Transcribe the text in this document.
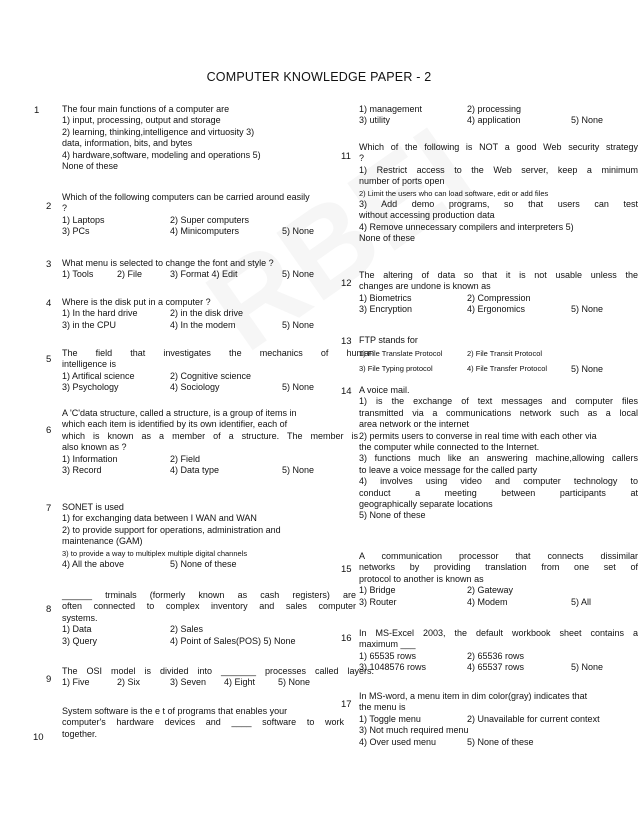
COMPUTER KNOWLEDGE PAPER - 2
1	The four main functions of a computer are
1) input, processing, output and storage
2) learning, thinking,intelligence and virtuosity 3)
data, information, bits, and bytes
4) hardware,software, modeling and operations 5)
None of these
2
Which of the following computers can be carried around easily
?
1) Laptops	2) Super computers
3) PCs	4) Minicomputers	5) None
3 What menu is selected to change the font and style ?
1) Tools	2) File	3) Format 4) Edit	5) None
4 Where is the disk put in a computer ?
1) In the hard drive	2) in the disk drive
3) in the CPU	4) In the modem	5) None
5
The field that investigates the mechanics of human
intelligence is
1) Artifical science	2) Cognitive science
3) Psychology	4) Sociology	5) None
6
A 'C'data structure, called a structure, is a group of items in
which each item is identified by its own identifier, each of
which is known as a member of a structure. The member is
also known as ?
1) Information	2) Field
3) Record	4) Data type	5) None
7 SONET is used
1) for exchanging data between I WAN and WAN
2) to provide support for operations, administration and
maintenance (GAM)
3) to provide a way to multiplex multiple digital channels
4) All the above	5) None of these
8
______ trminals (formerly known as cash registers) are
often connected to complex inventory and sales computer
systems.
1) Data	2) Sales
3) Query	4) Point of Sales(POS) 5) None
9
The OSI model is divided into _______ processes called layers.
1) Five	2) Six	3) Seven 4) Eight	5) None
10
System software is the e t of programs that enables your
computer's hardware devices and ____ software to work
together.
1) management	2) processing
3) utility	4) application	5) None
11
Which of the following is NOT a good Web security strategy
?
1) Restrict access to the Web server, keep a minimum
number of ports open
2) Limit the users who can load software, edit or add files
3) Add demo programs, so that users can test
without accessing production data
4) Remove unnecessary compilers and interpreters 5)
None of these
12
The altering of data so that it is not usable unless the
changes are undone is known as
1) Biometrics	2) Compression
3) Encryption	4) Ergonomics	5) None
13 FTP stands for
1) File Translate Protocol	2) File Transit Protocol
3) File Typing protocol	4) File Transfer Protocol	5) None
14 A voice mail.
1) is the exchange of text messages and computer files
transmitted via a communications network such as a local
area network or the internet
2) permits users to converse in real time with each other via
the computer while connected to the Internet.
3) functions much like an answering machine,allowing callers
to leave a voice message for the called party
4) involves using video and computer technology to
conduct a meeting between participants at
geographically separate locations
5) None of these
15
A communication processor that connects dissimilar
networks by providing translation from one set of
protocol to another is known as
1) Bridge	2) Gateway
3) Router	4) Modem	5) All
16 In MS-Excel 2003, the default workbook sheet contains a
maximum ___
1) 65535 rows	2) 65536 rows
3) 1048576 rows	4) 65537 rows	5) None
17
In MS-word, a menu item in dim color(gray) indicates that
the menu is
1) Toggle menu	2) Unavailable for current context
3) Not much required menu
4) Over used menu	5) None of these
